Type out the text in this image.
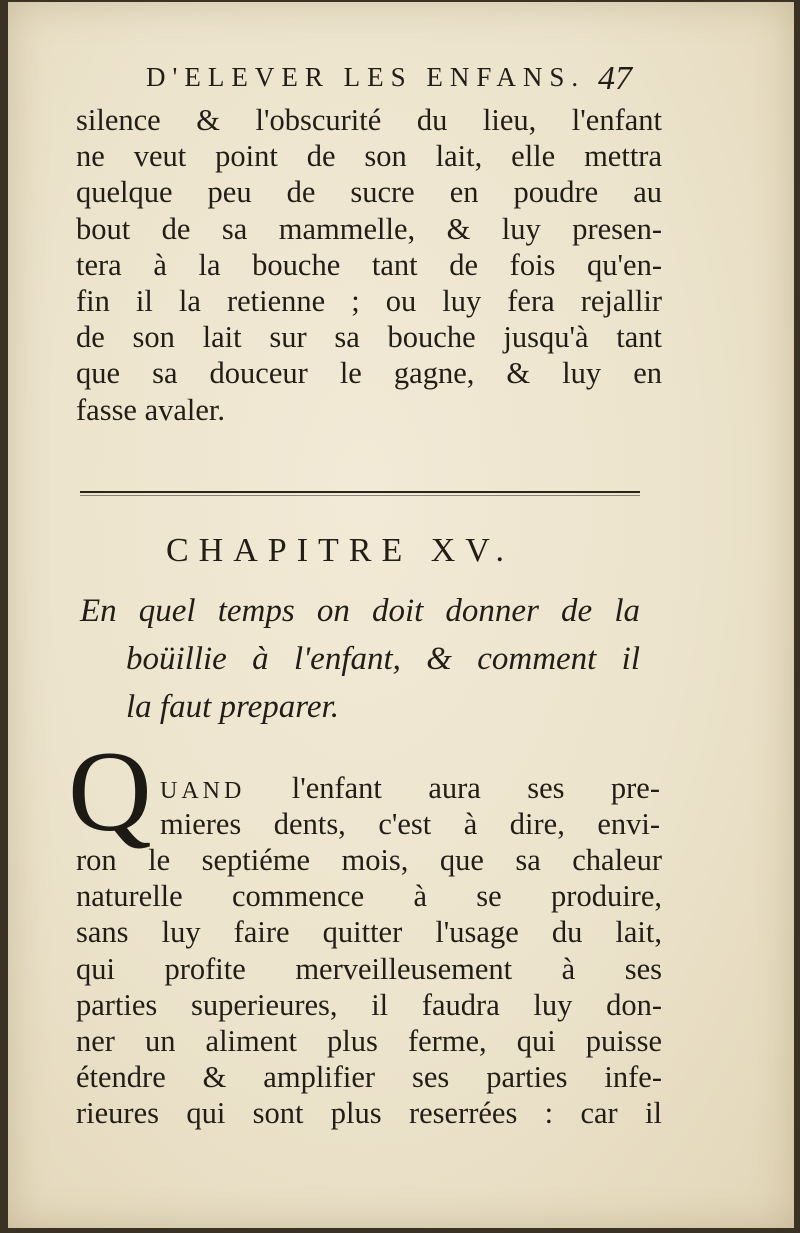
D'ELEVER LES ENFANS. 47
silence & l'obscurité du lieu, l'enfant
ne veut point de son lait, elle mettra
quelque peu de sucre en poudre au
bout de sa mammelle, & luy presen-
tera à la bouche tant de fois qu'en-
fin il la retienne ; ou luy fera rejallir
de son lait sur sa bouche jusqu'à tant
que sa douceur le gagne, & luy en
fasse avaler.
CHAPITRE XV.
En quel temps on doit donner de la
boüillie à l'enfant, & comment il
la faut preparer.
Q UAND l'enfant aura ses pre-
mieres dents, c'est à dire, envi-
ron le septiéme mois, que sa chaleur
naturelle commence à se produire,
sans luy faire quitter l'usage du lait,
qui profite merveilleusement à ses
parties superieures, il faudra luy don-
ner un aliment plus ferme, qui puisse
étendre & amplifier ses parties infe-
rieures qui sont plus reserrées : car il
